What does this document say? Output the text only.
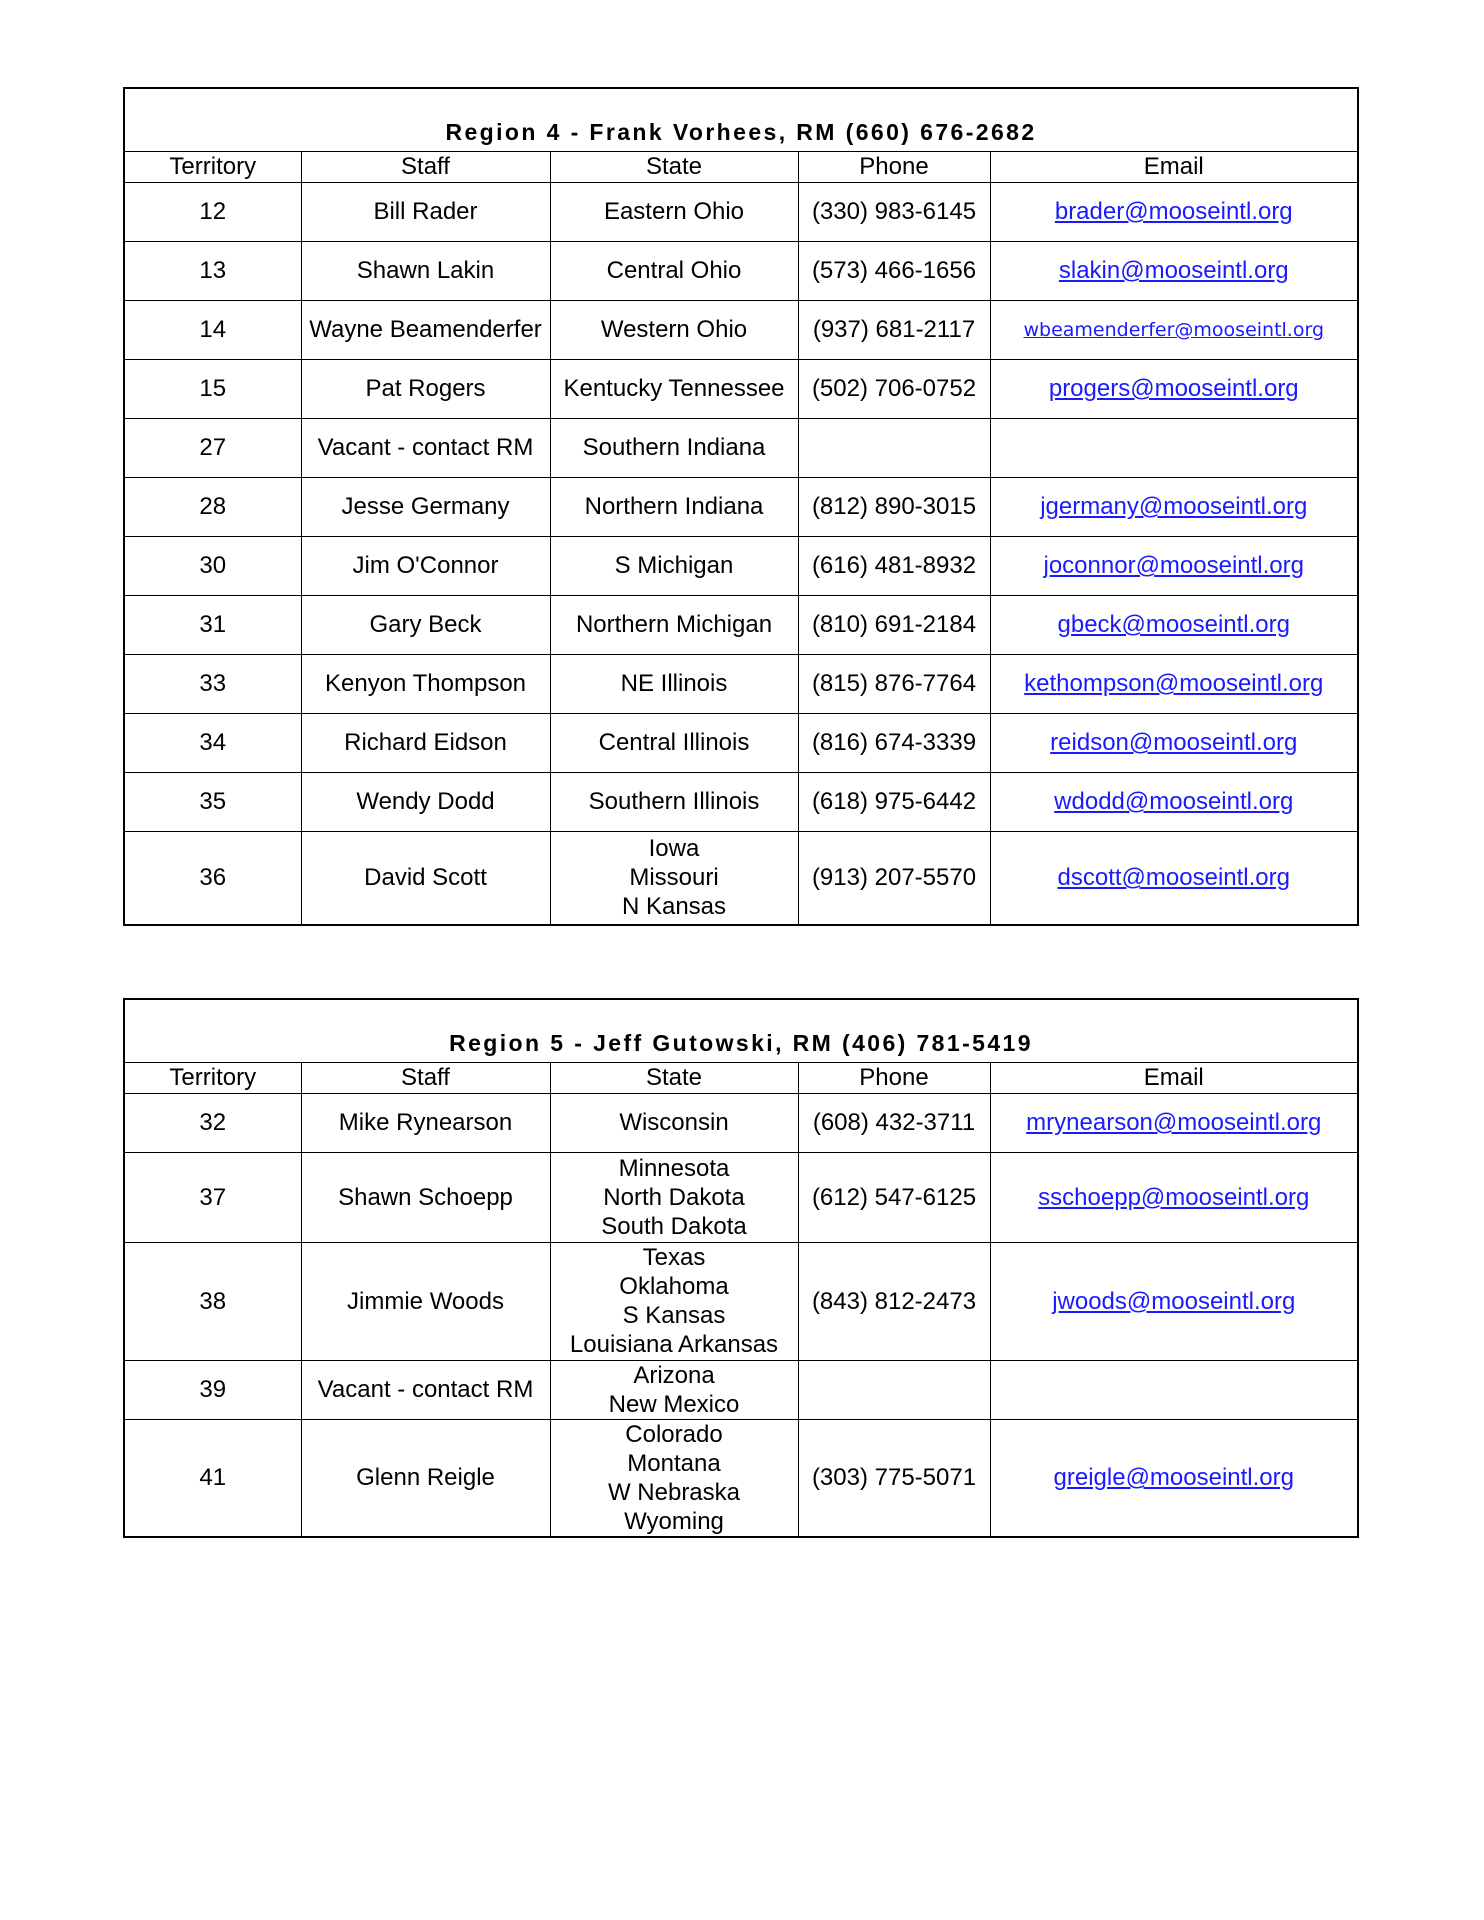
Region 4 - Frank Vorhees, RM (660) 676-2682				
Territory	Staff	State	Phone	Email
12	Bill Rader	Eastern Ohio	(330) 983-6145	brader@mooseintl.org
13	Shawn Lakin	Central Ohio	(573) 466-1656	slakin@mooseintl.org
14	Wayne Beamenderfer	Western Ohio	(937) 681-2117	wbeamenderfer@mooseintl.org
15	Pat Rogers	Kentucky Tennessee	(502) 706-0752	progers@mooseintl.org
27	Vacant - contact RM	Southern Indiana		

28	Jesse Germany	Northern Indiana	(812) 890-3015	jgermany@mooseintl.org
30	Jim O'Connor	S Michigan	(616) 481-8932	joconnor@mooseintl.org
31	Gary Beck	Northern Michigan	(810) 691-2184	gbeck@mooseintl.org
33	Kenyon Thompson	NE Illinois	(815) 876-7764	kethompson@mooseintl.org
34	Richard Eidson	Central Illinois	(816) 674-3339	reidson@mooseintl.org
35	Wendy Dodd	Southern Illinois	(618) 975-6442	wdodd@mooseintl.org
36	David Scott	Iowa
Missouri
N Kansas	(913) 207-5570	dscott@mooseintl.org
Region 5 - Jeff Gutowski, RM (406) 781-5419				
Territory	Staff	State	Phone	Email
32	Mike Rynearson	Wisconsin	(608) 432-3711	mrynearson@mooseintl.org
37	Shawn Schoepp	Minnesota
North Dakota
South Dakota	(612) 547-6125	sschoepp@mooseintl.org
38	Jimmie Woods	Texas
Oklahoma
S Kansas
Louisiana Arkansas	(843) 812-2473	jwoods@mooseintl.org
39	Vacant - contact RM	Arizona
New Mexico		

41	Glenn Reigle	Colorado
Montana
W Nebraska
Wyoming	(303) 775-5071	greigle@mooseintl.org
